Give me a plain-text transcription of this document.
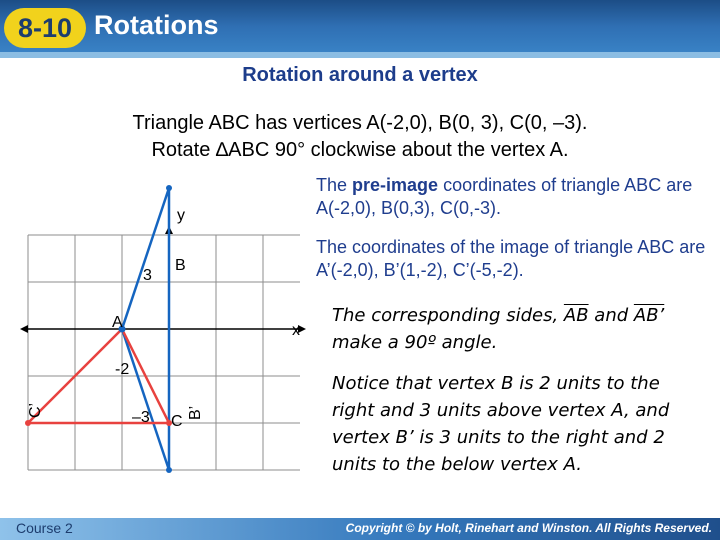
8-10 Rotations
Rotation around a vertex
Triangle ABC has vertices A(-2,0), B(0, 3), C(0, –3).
Rotate ∆ABC 90° clockwise about the vertex A.
The pre-image coordinates of triangle ABC are A(-2,0), B(0,3), C(0,-3).
The coordinates of the image of triangle ABC are A’(-2,0), B’(1,-2), C’(-5,-2).
The corresponding sides, $\overline{AB}$ and AB’ make a 90º angle.
Notice that vertex B is 2 units to the right and 3 units above vertex A, and vertex B’ is 3 units to the right and 2 units to the below vertex A.
y
x
3
-2
–3
A
B
C
B’
C’
Course 2	Copyright © by Holt, Rinehart and Winston. All Rights Reserved.
